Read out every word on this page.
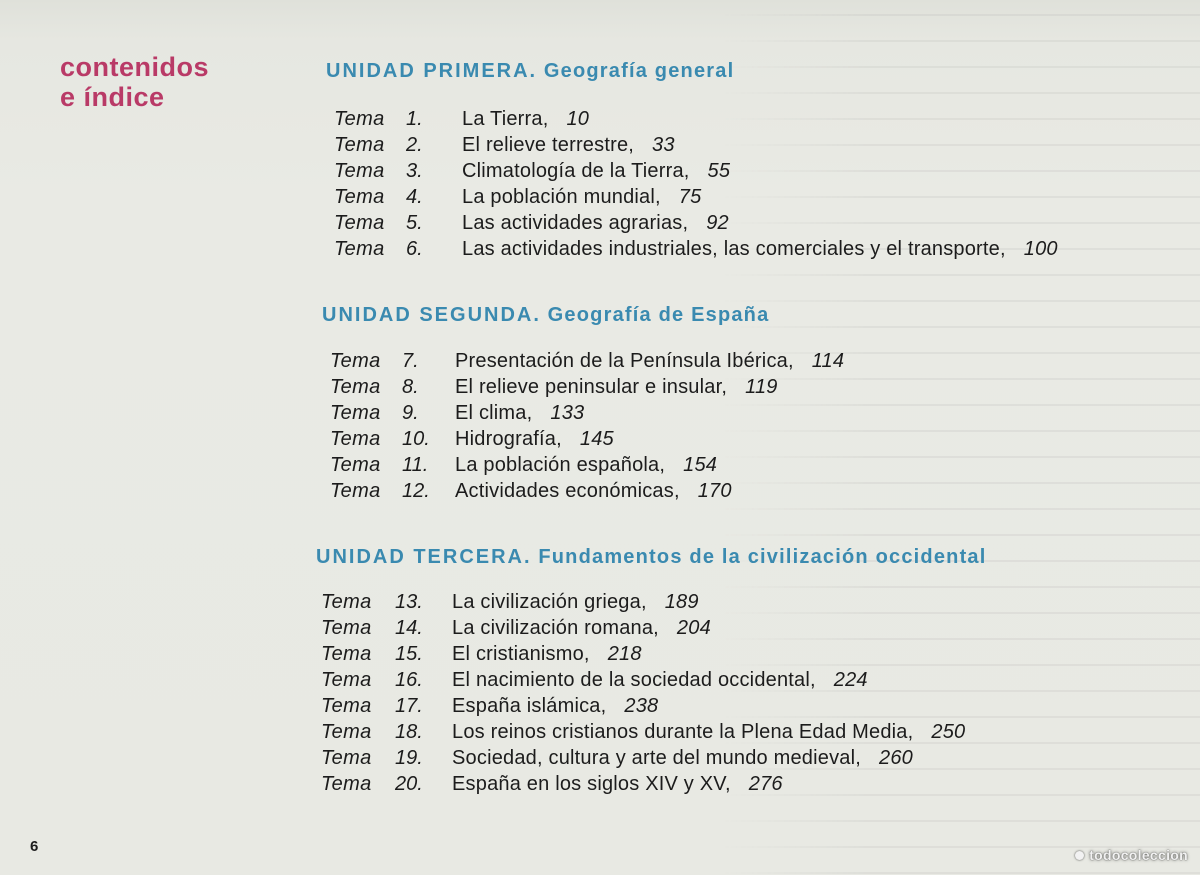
contenidos
e índice
UNIDAD PRIMERA. Geografía general
Tema 1. La Tierra, 10
Tema 2. El relieve terrestre, 33
Tema 3. Climatología de la Tierra, 55
Tema 4. La población mundial, 75
Tema 5. Las actividades agrarias, 92
Tema 6. Las actividades industriales, las comerciales y el transporte, 100
UNIDAD SEGUNDA. Geografía de España
Tema 7. Presentación de la Península Ibérica, 114
Tema 8. El relieve peninsular e insular, 119
Tema 9. El clima, 133
Tema 10. Hidrografía, 145
Tema 11. La población española, 154
Tema 12. Actividades económicas, 170
UNIDAD TERCERA. Fundamentos de la civilización occidental
Tema 13. La civilización griega, 189
Tema 14. La civilización romana, 204
Tema 15. El cristianismo, 218
Tema 16. El nacimiento de la sociedad occidental, 224
Tema 17. España islámica, 238
Tema 18. Los reinos cristianos durante la Plena Edad Media, 250
Tema 19. Sociedad, cultura y arte del mundo medieval, 260
Tema 20. España en los siglos XIV y XV, 276
6	todocoleccion
